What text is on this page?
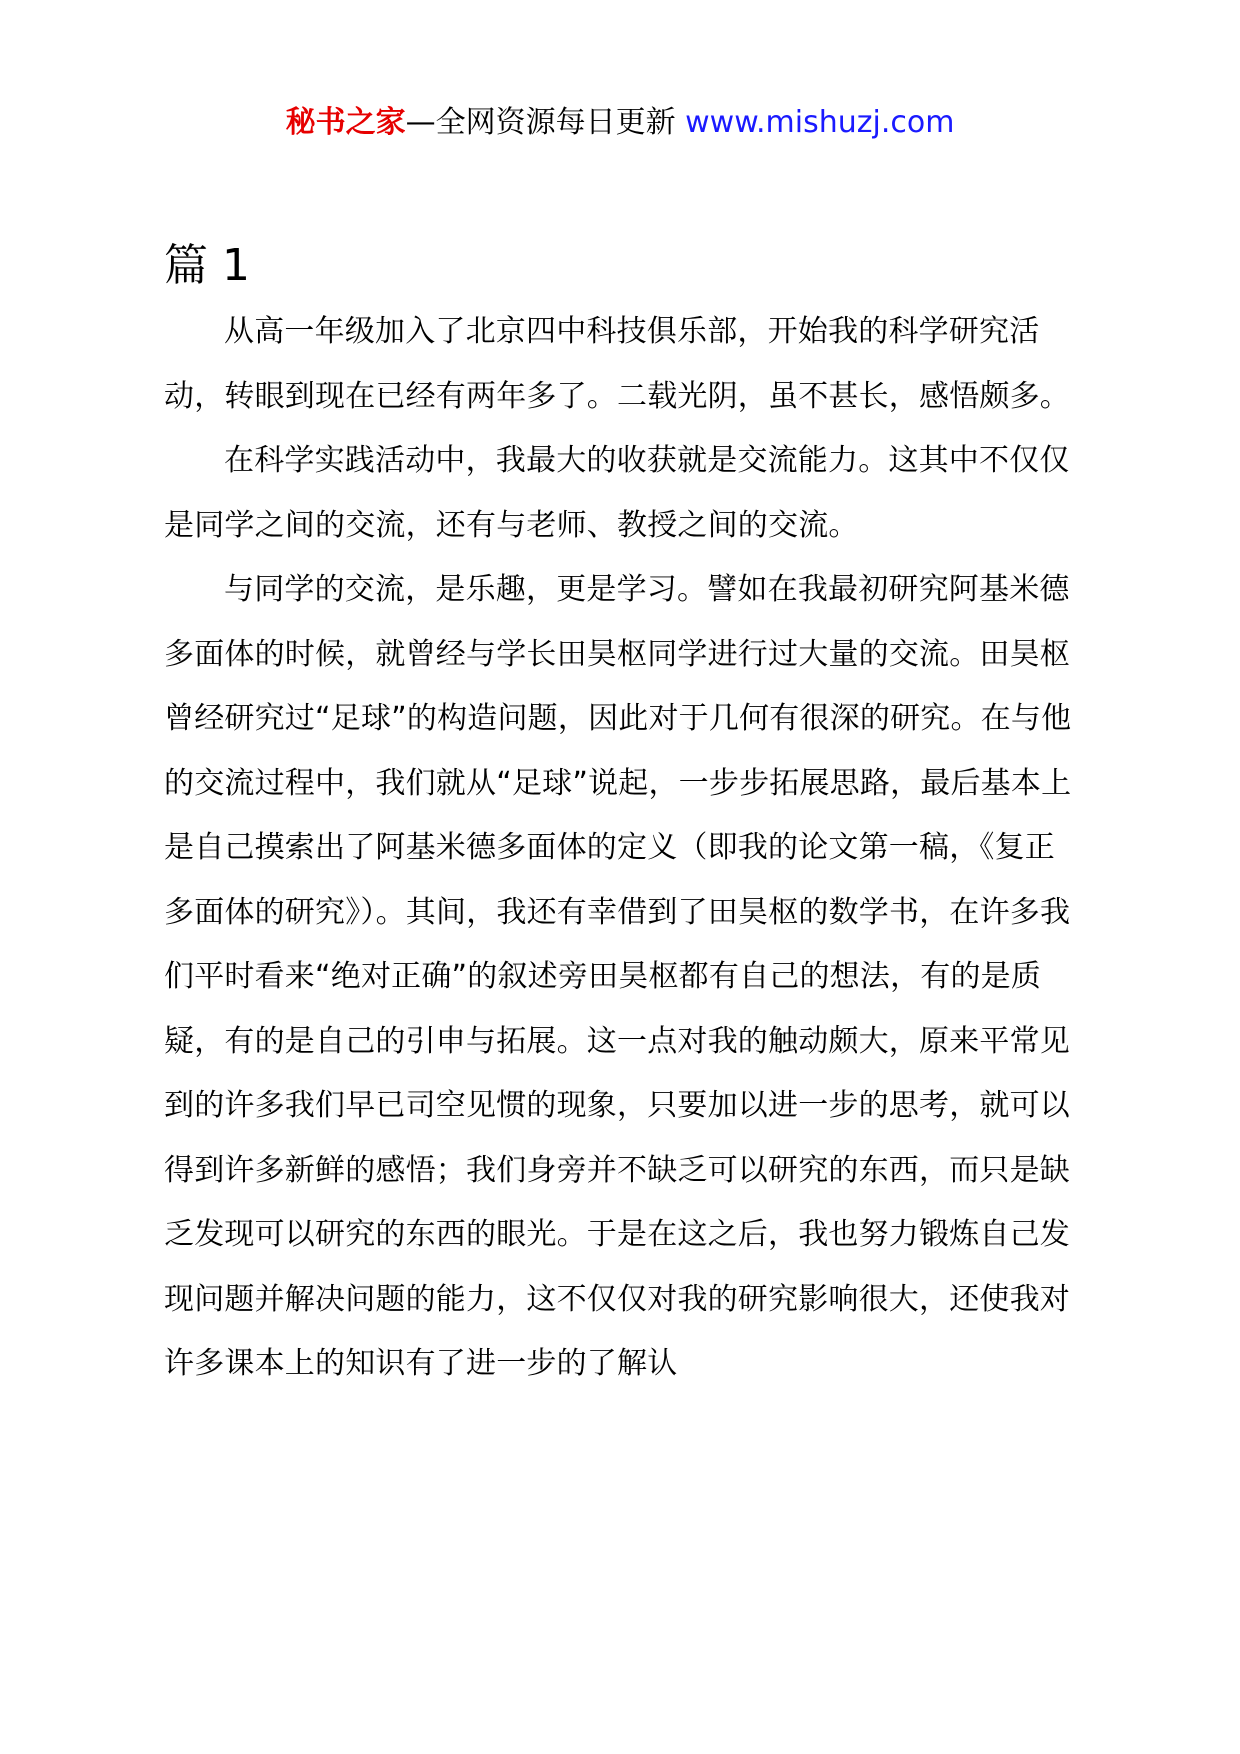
秘书之家—全网资源每日更新 www.mishuzj.com
篇 1

从高一年级加入了北京四中科技俱乐部，开始我的科学研究活动，转眼到现在已经有两年多了。二载光阴，虽不甚长，感悟颇多。

在科学实践活动中，我最大的收获就是交流能力。这其中不仅仅是同学之间的交流，还有与老师、教授之间的交流。

与同学的交流，是乐趣，更是学习。譬如在我最初研究阿基米德多面体的时候，就曾经与学长田昊枢同学进行过大量的交流。田昊枢曾经研究过“足球”的构造问题，因此对于几何有很深的研究。在与他的交流过程中，我们就从“足球”说起，一步步拓展思路，最后基本上是自己摸索出了阿基米德多面体的定义（即我的论文第一稿，《复正多面体的研究》）。其间，我还有幸借到了田昊枢的数学书，在许多我们平时看来“绝对正确”的叙述旁田昊枢都有自己的想法，有的是质疑，有的是自己的引申与拓展。这一点对我的触动颇大，原来平常见到的许多我们早已司空见惯的现象，只要加以进一步的思考，就可以得到许多新鲜的感悟；我们身旁并不缺乏可以研究的东西，而只是缺乏发现可以研究的东西的眼光。于是在这之后，我也努力锻炼自己发现问题并解决问题的能力，这不仅仅对我的研究影响很大，还使我对许多课本上的知识有了进一步的了解认
